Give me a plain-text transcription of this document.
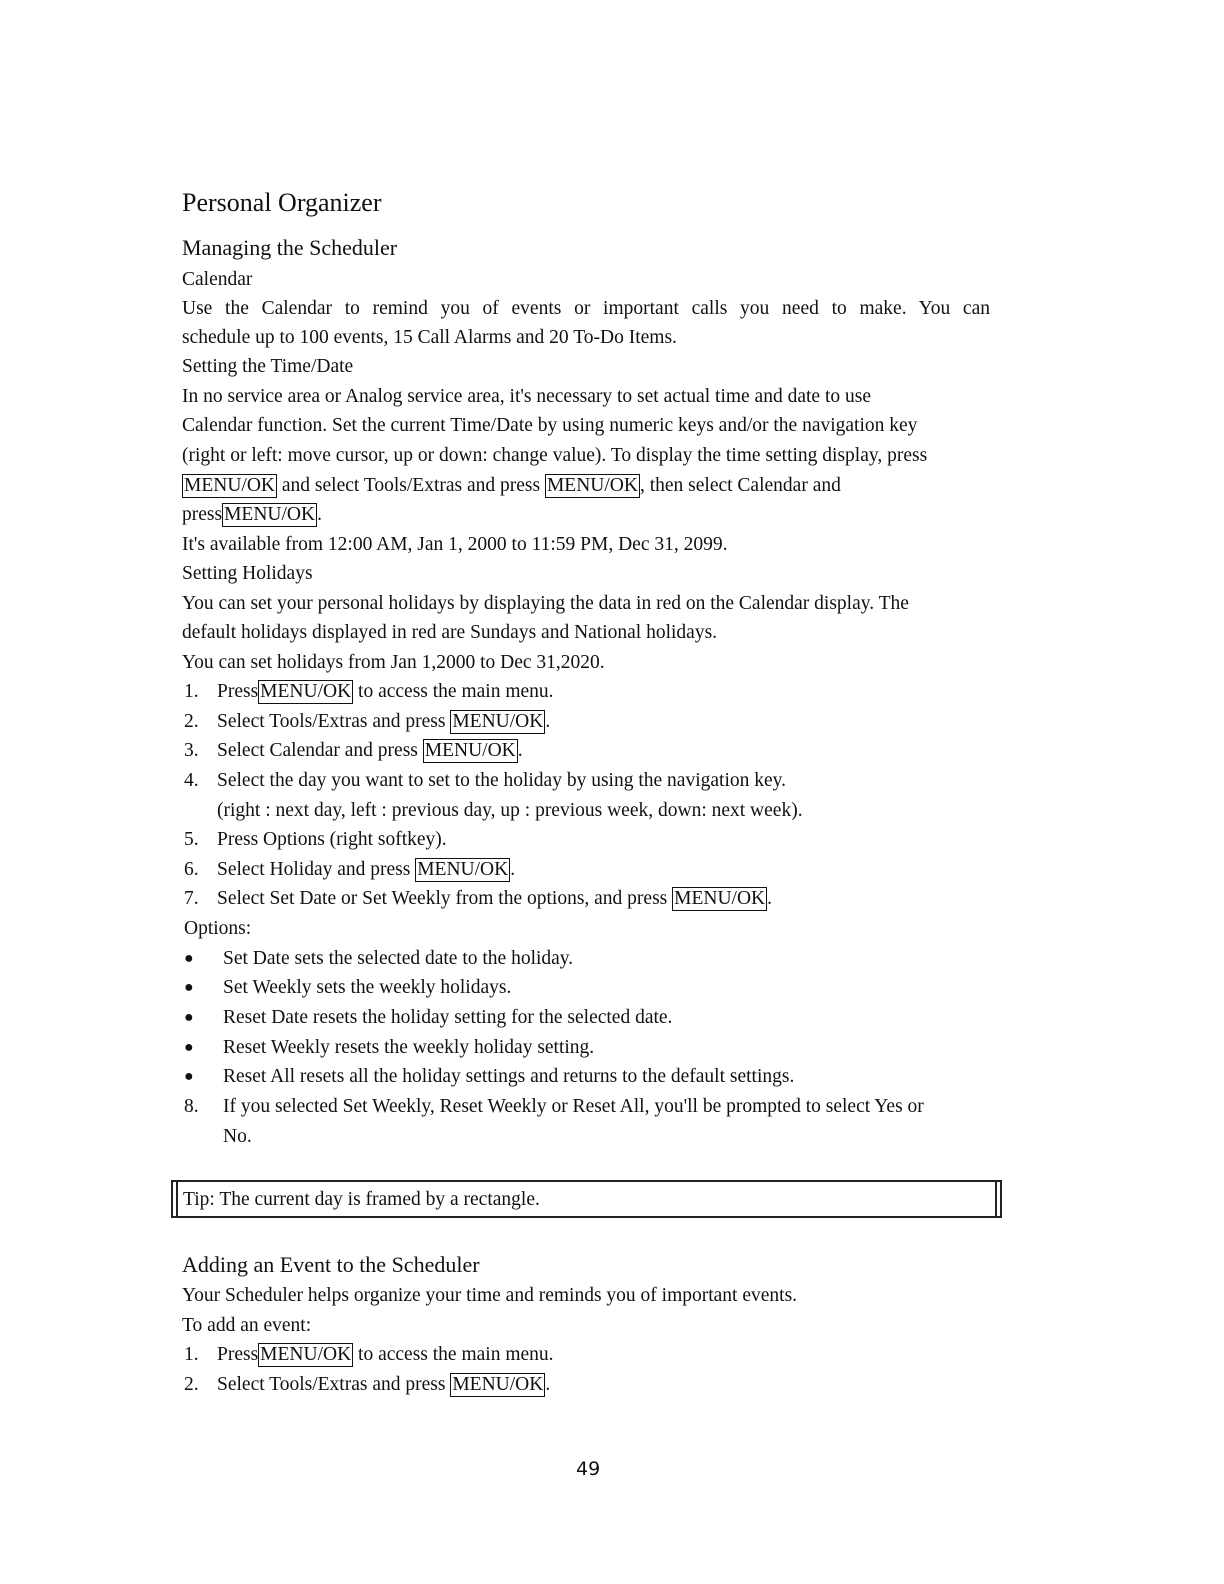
Personal Organizer
Managing the Scheduler
Calendar
Use the Calendar to remind you of events or important calls you need to make. You can
schedule up to 100 events, 15 Call Alarms and 20 To-Do Items.
Setting the Time/Date
In no service area or Analog service area, it's necessary to set actual time and date to use
Calendar function. Set the current Time/Date by using numeric keys and/or the navigation key
(right or left: move cursor, up or down: change value). To display the time setting display, press
MENU/OK and select Tools/Extras and press MENU/OK , then select Calendar and
press MENU/OK .
It's available from 12:00 AM, Jan 1, 2000 to 11:59 PM, Dec 31, 2099.
Setting Holidays
You can set your personal holidays by displaying the data in red on the Calendar display. The
default holidays displayed in red are Sundays and National holidays.
You can set holidays from Jan 1,2000 to Dec 31,2020.
1. Press MENU/OK to access the main menu.
2. Select Tools/Extras and press MENU/OK .
3. Select Calendar and press MENU/OK .
4. Select the day you want to set to the holiday by using the navigation key.
(right : next day, left : previous day, up : previous week, down: next week).
5. Press Options (right softkey).
6. Select Holiday and press MENU/OK .
7. Select Set Date or Set Weekly from the options, and press MENU/OK .
Options:
● Set Date sets the selected date to the holiday.
● Set Weekly sets the weekly holidays.
● Reset Date resets the holiday setting for the selected date.
● Reset Weekly resets the weekly holiday setting.
● Reset All resets all the holiday settings and returns to the default settings.
8. If you selected Set Weekly, Reset Weekly or Reset All, you'll be prompted to select Yes or
No.
Tip: The current day is framed by a rectangle.
Adding an Event to the Scheduler
Your Scheduler helps organize your time and reminds you of important events.
To add an event:
1. Press MENU/OK to access the main menu.
2. Select Tools/Extras and press MENU/OK .
49
